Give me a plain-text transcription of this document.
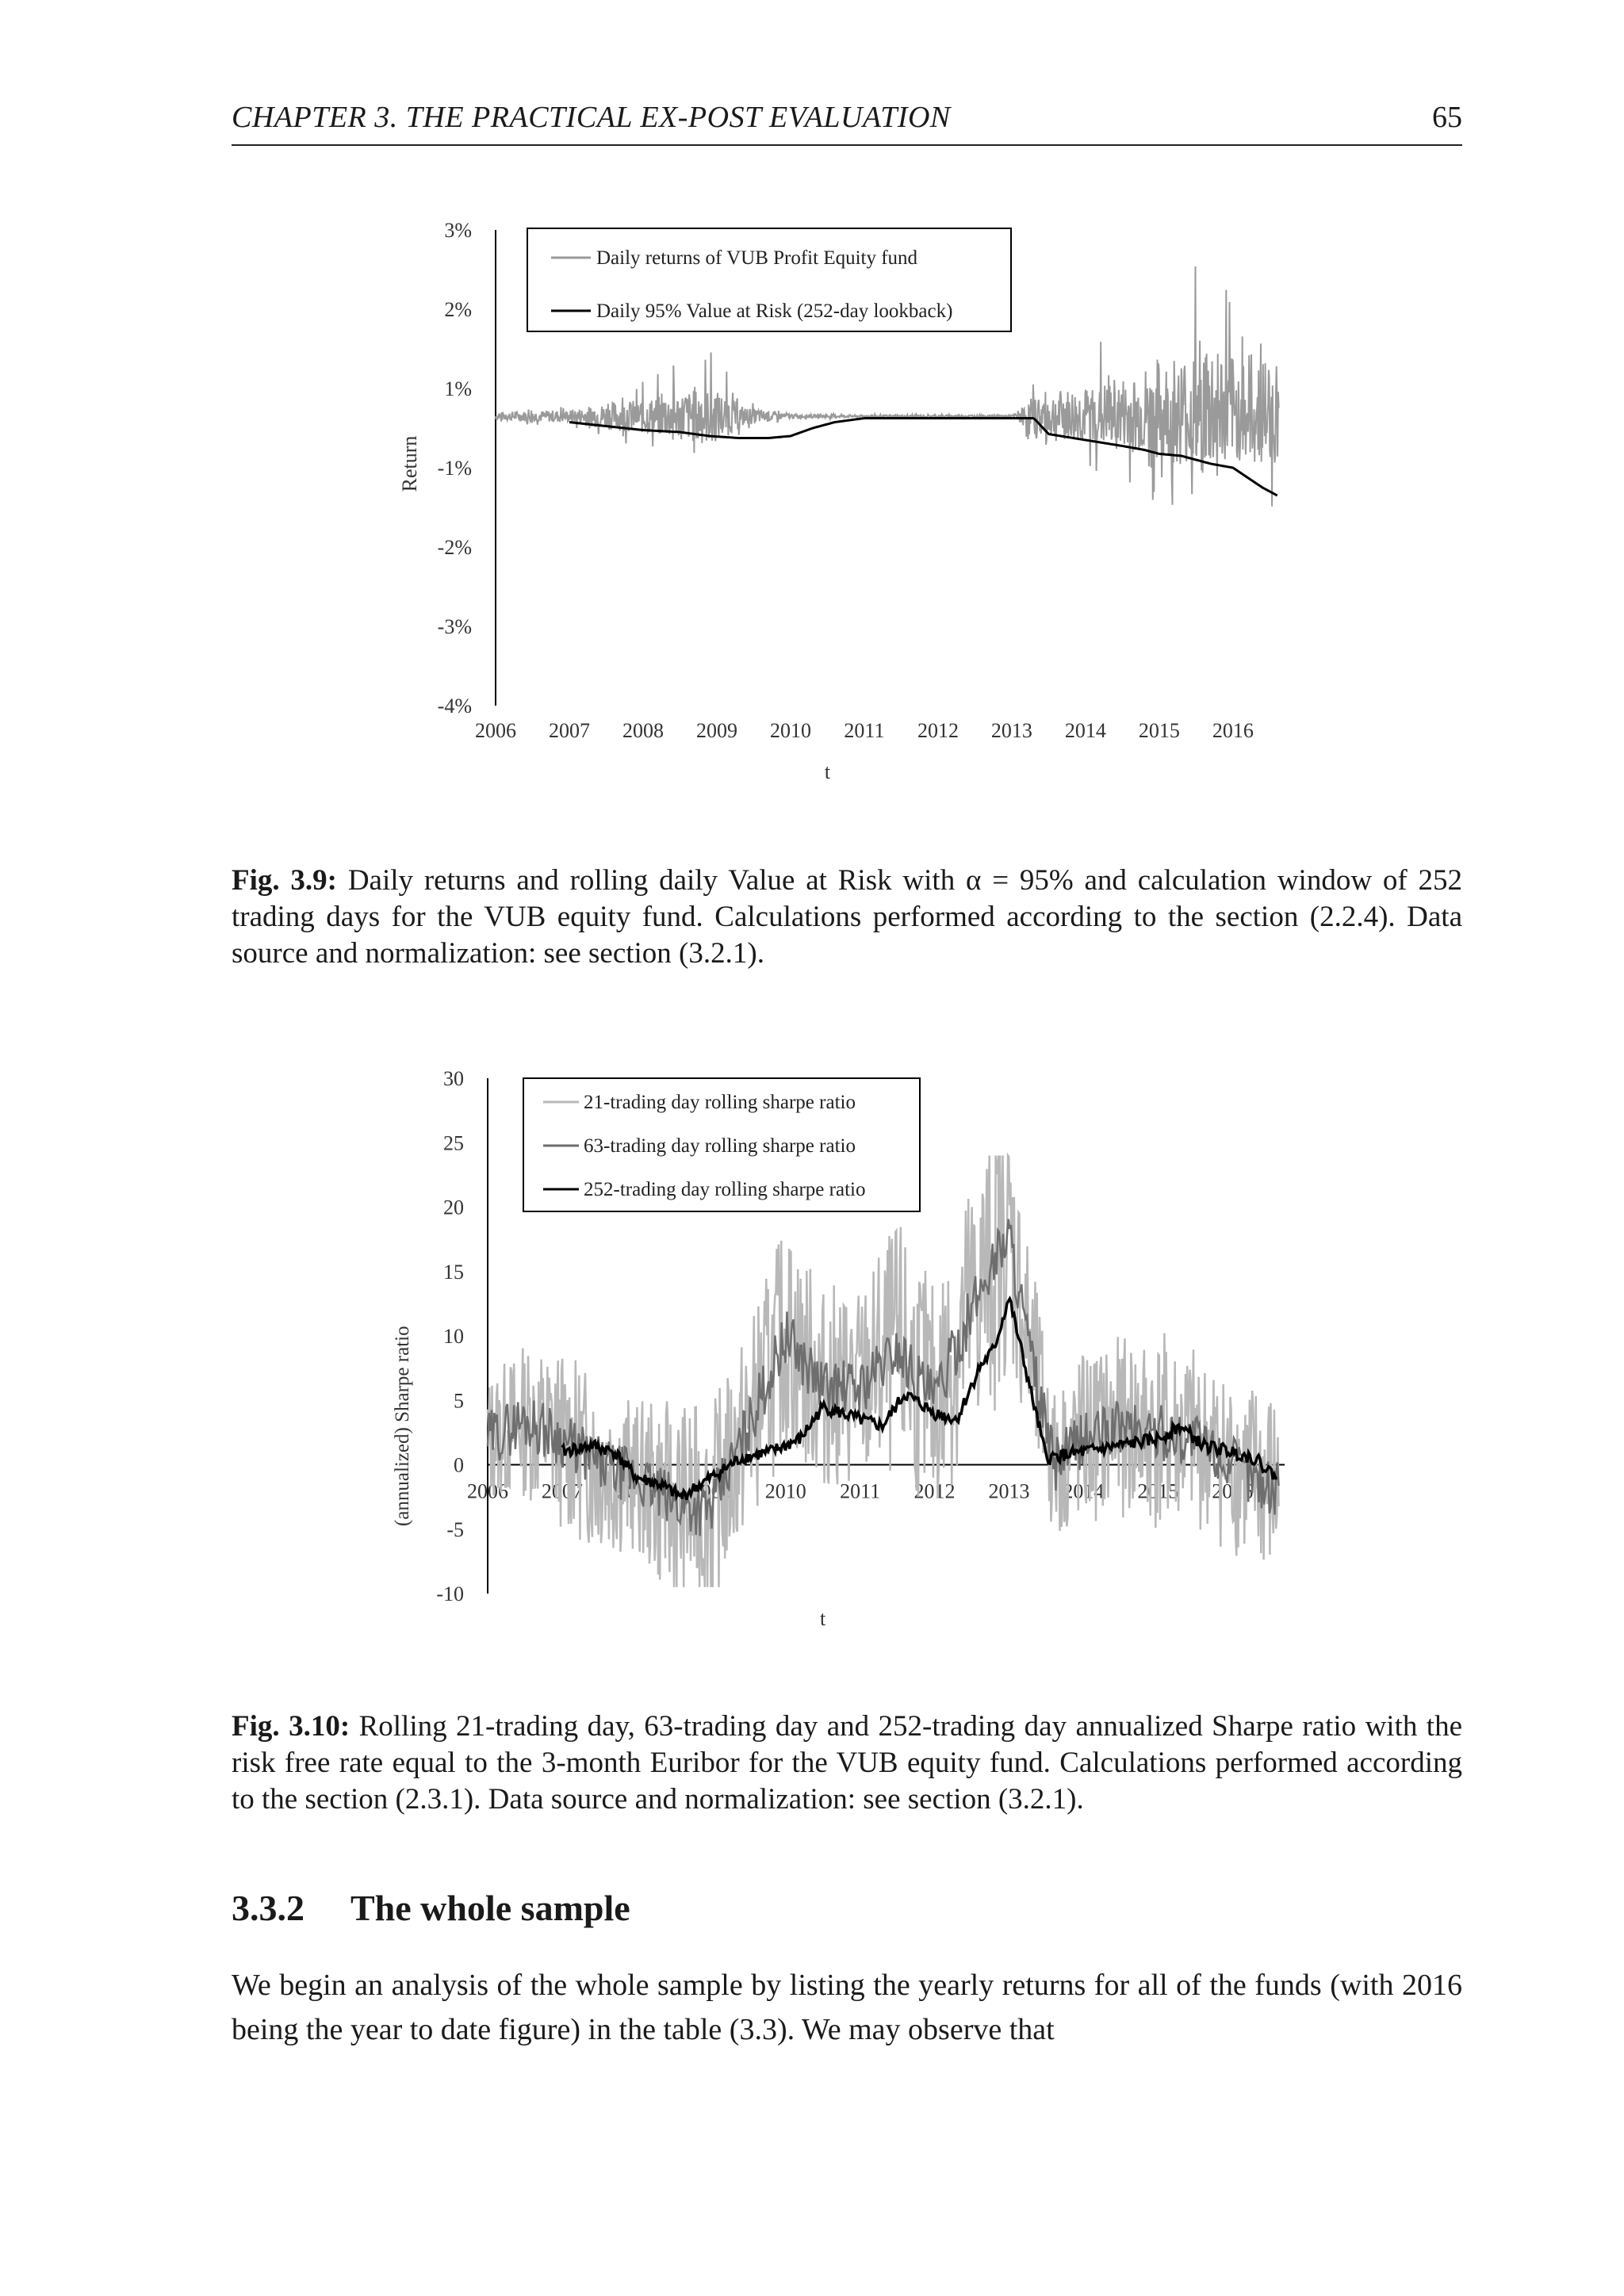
CHAPTER 3. THE PRACTICAL EX-POST EVALUATION	65
3%
2%
1%
-1%
-2%
-3%
-4%
2006 2007 2008 2009 2010 2011 2012 2013 2014 2015 2016
t
Return
Daily returns of VUB Profit Equity fund
Daily 95% Value at Risk (252-day lookback)
Fig. 3.9: Daily returns and rolling daily Value at Risk with α = 95% and calculation window of 252 trading days for the VUB equity fund. Calculations performed according to the section (2.2.4). Data source and normalization: see section (3.2.1).
30
25
20
15
10
5
0
-5
-10
2006 2007 2008 2009 2010 2011 2012 2013 2014 2015 2016
t
(annualized) Sharpe ratio
21-trading day rolling sharpe ratio
63-trading day rolling sharpe ratio
252-trading day rolling sharpe ratio
Fig. 3.10: Rolling 21-trading day, 63-trading day and 252-trading day annualized Sharpe ratio with the risk free rate equal to the 3-month Euribor for the VUB equity fund. Calculations performed according to the section (2.3.1). Data source and normalization: see section (3.2.1).
3.3.2 The whole sample
We begin an analysis of the whole sample by listing the yearly returns for all of the funds (with 2016 being the year to date figure) in the table (3.3). We may observe that
